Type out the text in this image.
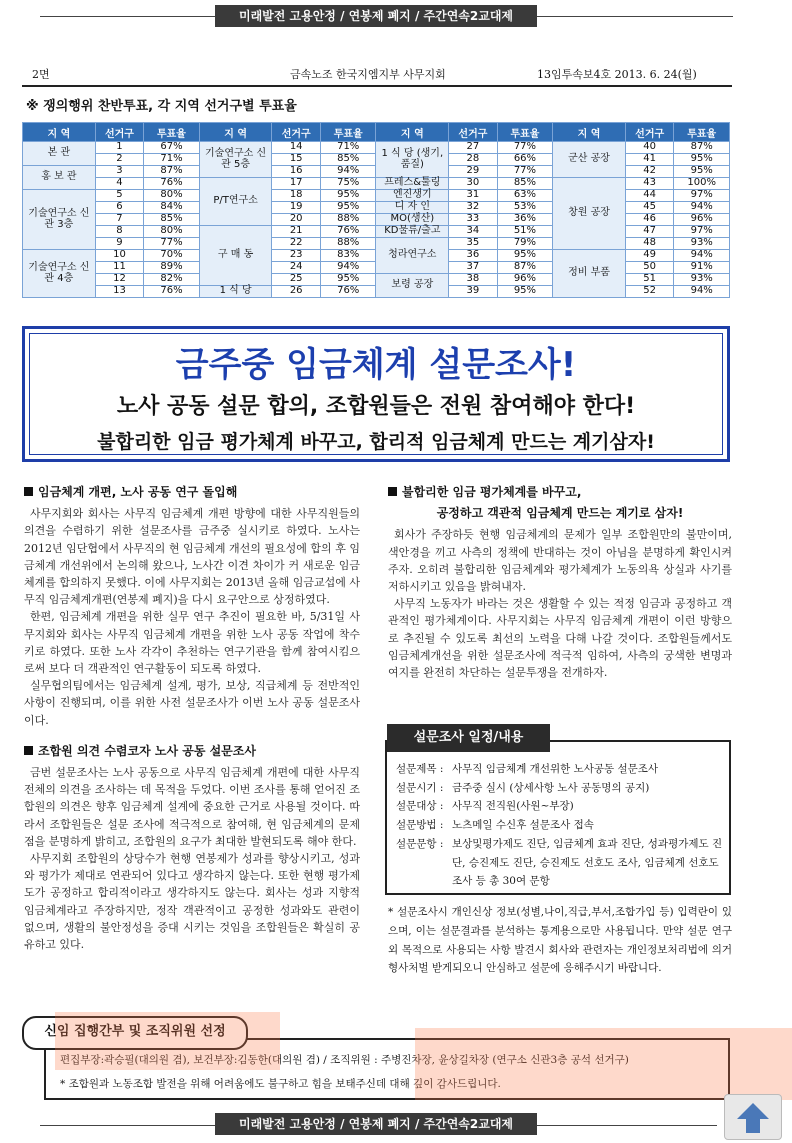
미래발전 고용안정 / 연봉제 폐지 / 주간연속2교대제
2면	금속노조 한국지엠지부 사무지회	13임투속보4호 2013. 6. 24(월)
※ 쟁의행위 찬반투표, 각 지역 선거구별 투표율
지 역	선거구	투표율	지 역	선거구	투표율	지 역	선거구	투표율	지 역	선거구	투표율
본 관	1	67%	기술연구소 신관 5층	14	71%	1 식 당 (생기,품질)	27	77%	군산 공장	40	87%
	2	71%		15	85%		28	66%		41	95%
홍 보 관	3	87%		16	94%		29	77%		42	95%
	4	76%	P/T연구소	17	75%	프레스&툴링	30	85%	창원 공장	43	100%
기술연구소 신관 3층	5	80%		18	95%	엔진생기	31	63%		44	97%
	6	84%		19	95%	디 자 인	32	53%		45	94%
	7	85%		20	88%	MO(생산)	33	36%		46	96%
	8	80%	구 매 동	21	76%	KD물류/출고	34	51%		47	97%
	9	77%		22	88%	청라연구소	35	79%		48	93%
기술연구소 신관 4층	10	70%		23	83%		36	95%	정비 부품	49	94%
	11	89%		24	94%		37	87%		50	91%
	12	82%		25	95%	보령 공장	38	96%		51	93%
	13	76%	1 식 당	26	76%		39	95%		52	94%
금주중 임금체계 설문조사!
노사 공동 설문 합의, 조합원들은 전원 참여해야 한다!
불합리한 임금 평가체계 바꾸고, 합리적 임금체계 만드는 계기삼자!
임금체계 개편, 노사 공동 연구 돌입해

사무지회와 회사는 사무직 임금체계 개편 방향에 대한 사무직원들의 의견을 수렴하기 위한 설문조사를 금주중 실시키로 하였다. 노사는 2012년 임단협에서 사무직의 현 임금체계 개선의 필요성에 합의 후 임금체계 개선위에서 논의해 왔으나, 노사간 이견 차이가 커 새로운 임금체계를 합의하지 못했다. 이에 사무지회는 2013년 올해 임금교섭에 사무직 임금체계개편(연봉제 폐지)을 다시 요구안으로 상정하였다.

한편, 임금체계 개편을 위한 실무 연구 추진이 필요한 바, 5/31일 사무지회와 회사는 사무직 임금체계 개편을 위한 노사 공동 작업에 착수키로 하였다. 또한 노사 각각이 추천하는 연구기관을 함께 참여시킴으로써 보다 더 객관적인 연구활동이 되도록 하였다.

실무협의팀에서는 임금체계 설계, 평가, 보상, 직급체계 등 전반적인 사항이 진행되며, 이를 위한 사전 설문조사가 이번 노사 공동 설문조사이다.

조합원 의견 수렴코자 노사 공동 설문조사

금번 설문조사는 노사 공동으로 사무직 임금체계 개편에 대한 사무직 전체의 의견을 조사하는 데 목적을 두었다. 이번 조사를 통해 얻어진 조합원의 의견은 향후 임금체계 설계에 중요한 근거로 사용될 것이다. 따라서 조합원들은 설문 조사에 적극적으로 참여해, 현 임금체계의 문제점을 분명하게 밝히고, 조합원의 요구가 최대한 발현되도록 해야 한다.

사무지회 조합원의 상당수가 현행 연봉제가 성과를 향상시키고, 성과와 평가가 제대로 연관되어 있다고 생각하지 않는다. 또한 현행 평가제도가 공정하고 합리적이라고 생각하지도 않는다. 회사는 성과 지향적 임금체계라고 주장하지만, 정작 객관적이고 공정한 성과와도 관련이 없으며, 생활의 불안정성을 증대 시키는 것임을 조합원들은 확실히 공유하고 있다.

불합리한 임금 평가체계를 바꾸고,
공정하고 객관적 임금체계 만드는 계기로 삼자!

회사가 주장하듯 현행 임금체계의 문제가 일부 조합원만의 불만이며, 색안경을 끼고 사측의 정책에 반대하는 것이 아님을 분명하게 확인시켜주자. 오히려 불합리한 임금체계와 평가체계가 노동의욕 상실과 사기를 저하시키고 있음을 밝혀내자.

사무직 노동자가 바라는 것은 생활할 수 있는 적정 임금과 공정하고 객관적인 평가체계이다. 사무지회는 사무직 임금체계 개편이 이런 방향으로 추진될 수 있도록 최선의 노력을 다해 나갈 것이다. 조합원들께서도 임금체계개선을 위한 설문조사에 적극적 임하여, 사측의 궁색한 변명과 여지를 완전히 차단하는 설문투쟁을 전개하자.

설문조사 일정/내용
설문제목 : 사무직 임금체계 개선위한 노사공동 설문조사
설문시기 : 금주중 실시 (상세사항 노사 공동명의 공지)
설문대상 : 사무직 전직원(사원~부장)
설문방법 : 노츠메일 수신후 설문조사 접속
설문문항 : 보상및평가제도 진단, 임금체계 효과 진단, 성과평가제도 진단, 승진제도 진단, 승진제도 선호도 조사, 임금체계 선호도 조사 등 총 30여 문항
* 설문조사시 개인신상 정보(성별,나이,직급,부서,조합가입 등) 입력란이 있으며, 이는 설문결과를 분석하는 통계용으로만 사용됩니다. 만약 설문 연구외 목적으로 사용되는 사항 발견시 회사와 관련자는 개인정보처리법에 의거 형사처벌 받게되오니 안심하고 설문에 응해주시기 바랍니다.
신임 집행간부 및 조직위원 선정
편집부장:곽승필(대의원 겸), 보건부장:김동한(대의원 겸) / 조직위원 : 주병진차장, 윤상길차장 (연구소 신관3층 공석 선거구)
* 조합원과 노동조합 발전을 위해 어려움에도 불구하고 힘을 보태주신데 대해 깊이 감사드립니다.
미래발전 고용안정 / 연봉제 폐지 / 주간연속2교대제
